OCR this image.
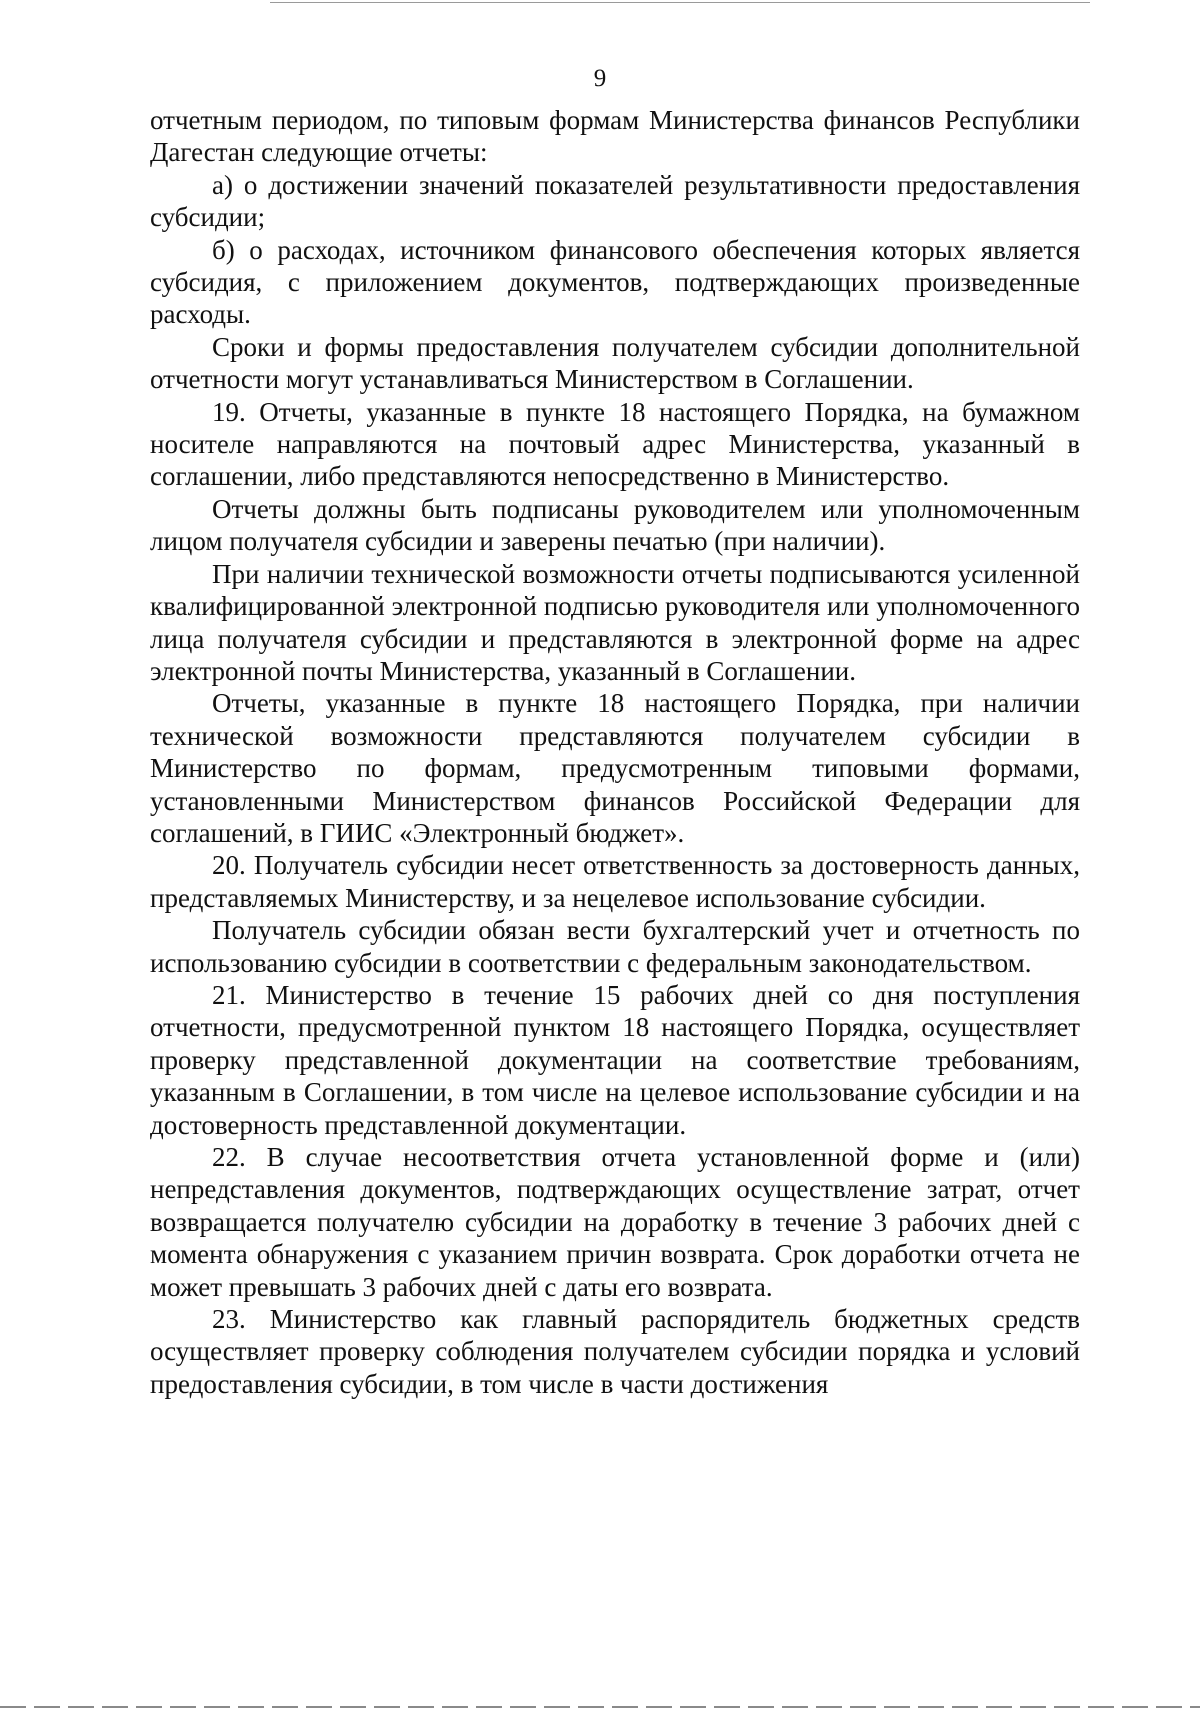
9

отчетным периодом, по типовым формам Министерства финансов Республики Дагестан следующие отчеты:

а) о достижении значений показателей результативности предоставления субсидии;

б) о расходах, источником финансового обеспечения которых является субсидия, с приложением документов, подтверждающих произведенные расходы.

Сроки и формы предоставления получателем субсидии дополнительной отчетности могут устанавливаться Министерством в Соглашении.

19. Отчеты, указанные в пункте 18 настоящего Порядка, на бумажном носителе направляются на почтовый адрес Министерства, указанный в соглашении, либо представляются непосредственно в Министерство.

Отчеты должны быть подписаны руководителем или уполномоченным лицом получателя субсидии и заверены печатью (при наличии).

При наличии технической возможности отчеты подписываются усиленной квалифицированной электронной подписью руководителя или уполномоченного лица получателя субсидии и представляются в электронной форме на адрес электронной почты Министерства, указанный в Соглашении.

Отчеты, указанные в пункте 18 настоящего Порядка, при наличии технической возможности представляются получателем субсидии в Министерство по формам, предусмотренным типовыми формами, установленными Министерством финансов Российской Федерации для соглашений, в ГИИС «Электронный бюджет».

20. Получатель субсидии несет ответственность за достоверность данных, представляемых Министерству, и за нецелевое использование субсидии.

Получатель субсидии обязан вести бухгалтерский учет и отчетность по использованию субсидии в соответствии с федеральным законодательством.

21. Министерство в течение 15 рабочих дней со дня поступления отчетности, предусмотренной пунктом 18 настоящего Порядка, осуществляет проверку представленной документации на соответствие требованиям, указанным в Соглашении, в том числе на целевое использование субсидии и на достоверность представленной документации.

22. В случае несоответствия отчета установленной форме и (или) непредставления документов, подтверждающих осуществление затрат, отчет возвращается получателю субсидии на доработку в течение 3 рабочих дней с момента обнаружения с указанием причин возврата. Срок доработки отчета не может превышать 3 рабочих дней с даты его возврата.

23. Министерство как главный распорядитель бюджетных средств осуществляет проверку соблюдения получателем субсидии порядка и условий предоставления субсидии, в том числе в части достижения
